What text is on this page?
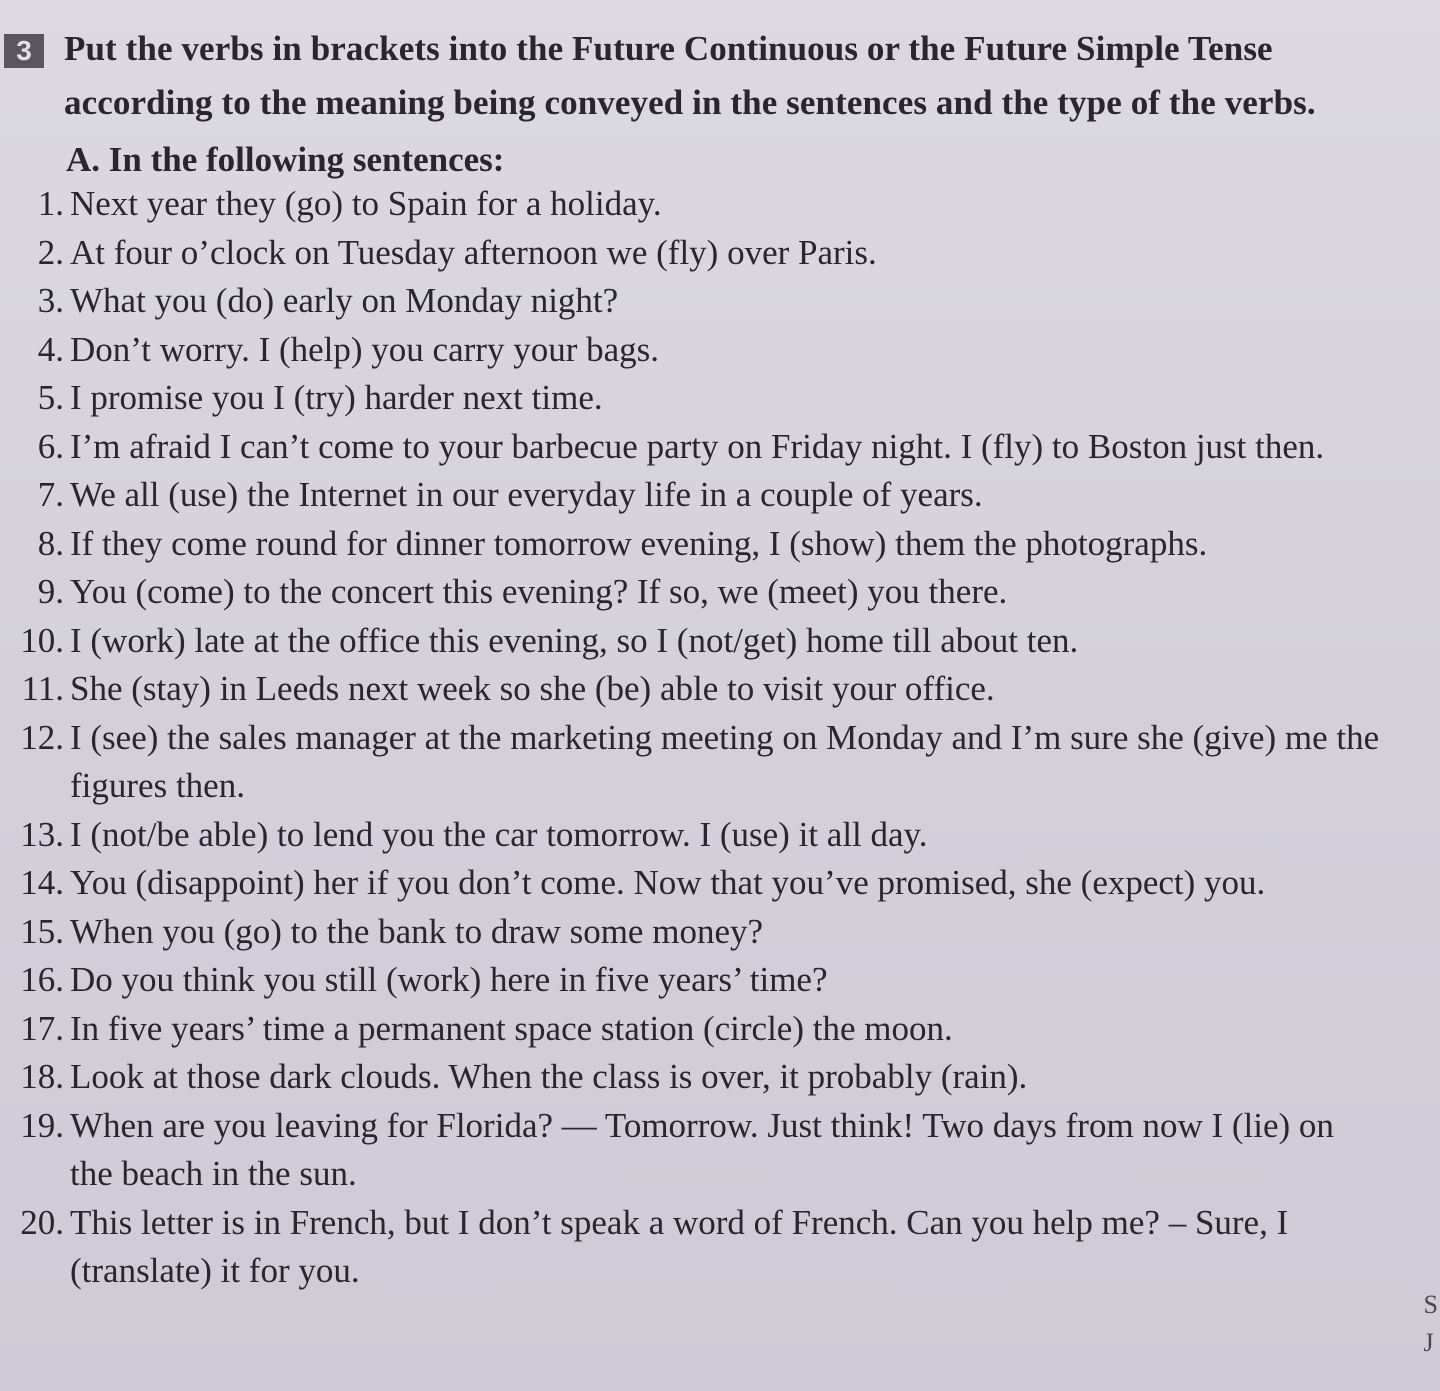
3 Put the verbs in brackets into the Future Continuous or the Future Simple Tense according to the meaning being conveyed in the sentences and the type of the verbs.
A. In the following sentences:
1. Next year they (go) to Spain for a holiday.
2. At four o’clock on Tuesday afternoon we (fly) over Paris.
3. What you (do) early on Monday night?
4. Don’t worry. I (help) you carry your bags.
5. I promise you I (try) harder next time.
6. I’m afraid I can’t come to your barbecue party on Friday night. I (fly) to Boston just then.
7. We all (use) the Internet in our everyday life in a couple of years.
8. If they come round for dinner tomorrow evening, I (show) them the photographs.
9. You (come) to the concert this evening? If so, we (meet) you there.
10. I (work) late at the office this evening, so I (not/get) home till about ten.
11. She (stay) in Leeds next week so she (be) able to visit your office.
12. I (see) the sales manager at the marketing meeting on Monday and I’m sure she (give) me the figures then.
13. I (not/be able) to lend you the car tomorrow. I (use) it all day.
14. You (disappoint) her if you don’t come. Now that you’ve promised, she (expect) you.
15. When you (go) to the bank to draw some money?
16. Do you think you still (work) here in five years’ time?
17. In five years’ time a permanent space station (circle) the moon.
18. Look at those dark clouds. When the class is over, it probably (rain).
19. When are you leaving for Florida? — Tomorrow. Just think! Two days from now I (lie) on the beach in the sun.
20. This letter is in French, but I don’t speak a word of French. Can you help me? – Sure, I (translate) it for you.
S
J
